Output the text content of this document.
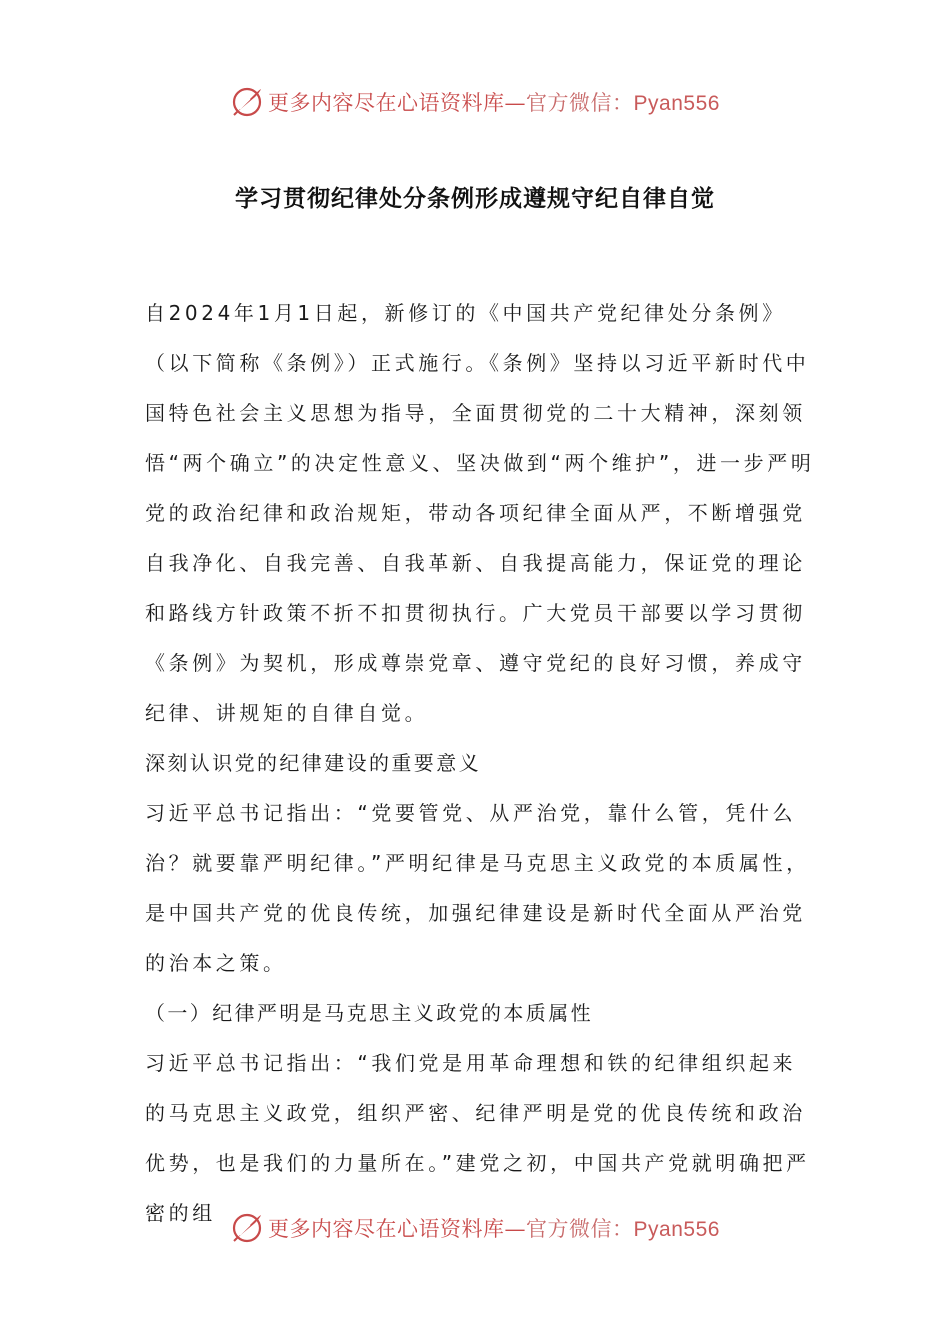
更多内容尽在心语资料库—官方微信：Pyan556
学习贯彻纪律处分条例形成遵规守纪自律自觉

自2024年1月1日起，新修订的《中国共产党纪律处分条例》（以下简称《条例》）正式施行。《条例》坚持以习近平新时代中国特色社会主义思想为指导，全面贯彻党的二十大精神，深刻领悟“两个确立”的决定性意义、坚决做到“两个维护”，进一步严明党的政治纪律和政治规矩，带动各项纪律全面从严，不断增强党自我净化、自我完善、自我革新、自我提高能力，保证党的理论和路线方针政策不折不扣贯彻执行。广大党员干部要以学习贯彻《条例》为契机，形成尊崇党章、遵守党纪的良好习惯，养成守纪律、讲规矩的自律自觉。

深刻认识党的纪律建设的重要意义

习近平总书记指出：“党要管党、从严治党，靠什么管，凭什么治？就要靠严明纪律。”严明纪律是马克思主义政党的本质属性，是中国共产党的优良传统，加强纪律建设是新时代全面从严治党的治本之策。

（一）纪律严明是马克思主义政党的本质属性

习近平总书记指出：“我们党是用革命理想和铁的纪律组织起来的马克思主义政党，组织严密、纪律严明是党的优良传统和政治优势，也是我们的力量所在。”建党之初，中国共产党就明确把严密的组

更多内容尽在心语资料库—官方微信：Pyan556
